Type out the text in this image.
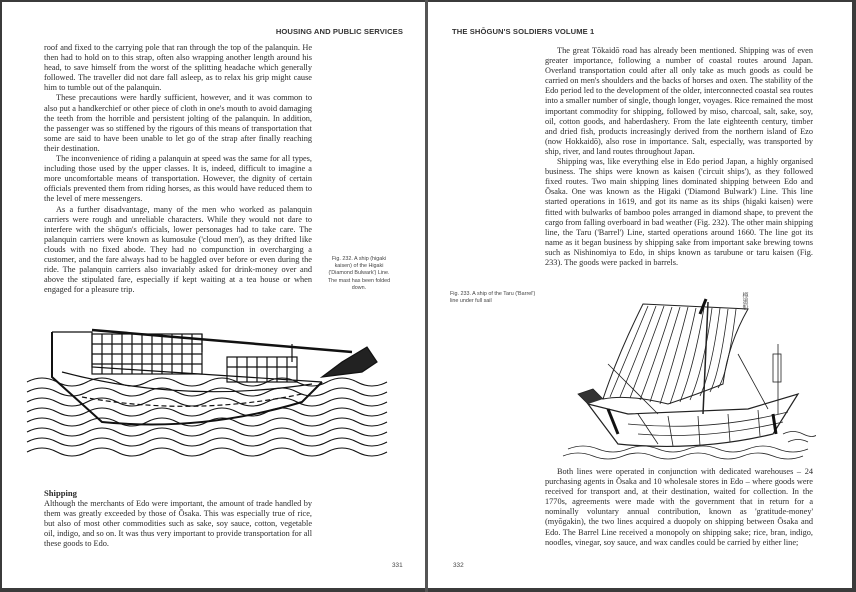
HOUSING AND PUBLIC SERVICES

roof and fixed to the carrying pole that ran through the top of the palanquin. He then had to hold on to this strap, often also wrapping another length around his head, to save himself from the worst of the splitting headache which generally followed. The traveller did not dare fall asleep, as to relax his grip might cause him to tumble out of the palanquin.

These precautions were hardly sufficient, however, and it was common to also put a handkerchief or other piece of cloth in one's mouth to avoid damaging the teeth from the horrible and persistent jolting of the palanquin. In addition, the passenger was so stiffened by the rigours of this means of transportation that some are said to have been unable to let go of the strap after finally reaching their destination.

The inconvenience of riding a palanquin at speed was the same for all types, including those used by the upper classes. It is, indeed, difficult to imagine a more uncomfortable means of transportation. However, the dignity of certain officials prevented them from riding horses, as this would have reduced them to the level of mere messengers.

As a further disadvantage, many of the men who worked as palanquin carriers were rough and unreliable characters. While they would not dare to interfere with the shōgun's officials, lower personages had to take care. The palanquin carriers were known as kumosuke ('cloud men'), as they drifted like clouds with no fixed abode. They had no compunction in overcharging a customer, and the fare always had to be haggled over before or even during the ride. The palanquin carriers also invariably asked for drink-money over and above the stipulated fare, especially if kept waiting at a tea house or when engaged for a pleasure trip.

Fig. 232. A ship (higaki kaisen) of the Higaki ('Diamond Bulwark') Line. The mast has been folded down.
Shipping

Although the merchants of Edo were important, the amount of trade handled by them was greatly exceeded by those of Ōsaka. This was especially true of rice, but also of most other commodities such as sake, soy sauce, cotton, vegetable oil, indigo, and so on. It was thus very important to provide transportation for all these goods to Edo.

331
THE SHŌGUN'S SOLDIERS VOLUME 1

The great Tōkaidō road has already been mentioned. Shipping was of even greater importance, following a number of coastal routes around Japan. Overland transportation could after all only take as much goods as could be carried on men's shoulders and the backs of horses and oxen. The stability of the Edo period led to the development of the older, interconnected coastal sea routes into a smaller number of single, though longer, voyages. Rice remained the most important commodity for shipping, followed by miso, charcoal, salt, sake, soy, oil, cotton goods, and haberdashery. From the late eighteenth century, timber and dried fish, products increasingly derived from the northern island of Ezo (now Hokkaidō), also rose in importance. Salt, especially, was transported by ship, river, and land routes throughout Japan.

Shipping was, like everything else in Edo period Japan, a highly organised business. The ships were known as kaisen ('circuit ships'), as they followed fixed routes. Two main shipping lines dominated shipping between Edo and Ōsaka. One was known as the Higaki ('Diamond Bulwark') Line. This line started operations in 1619, and got its name as its ships (higaki kaisen) were fitted with bulwarks of bamboo poles arranged in diamond shape, to prevent the cargo from falling overboard in bad weather (Fig. 232). The other main shipping line, the Taru ('Barrel') Line, started operations around 1660. The line got its name as it began business by shipping sake from important sake brewing towns such as Nishinomiya to Edo, in ships known as tarubune or taru kaisen (Fig. 233). The goods were packed in barrels.

Fig. 233. A ship of the Taru ('Barrel') line under full sail	樽廻船

Both lines were operated in conjunction with dedicated warehouses – 24 purchasing agents in Ōsaka and 10 wholesale stores in Edo – where goods were received for transport and, at their destination, waited for collection. In the 1770s, agreements were made with the government that in return for a nominally voluntary annual contribution, known as 'gratitude-money' (myōgakin), the two lines acquired a duopoly on shipping between Ōsaka and Edo. The Barrel Line received a monopoly on shipping sake; rice, bran, indigo, noodles, vinegar, soy sauce, and wax candles could be carried by either line;

332
